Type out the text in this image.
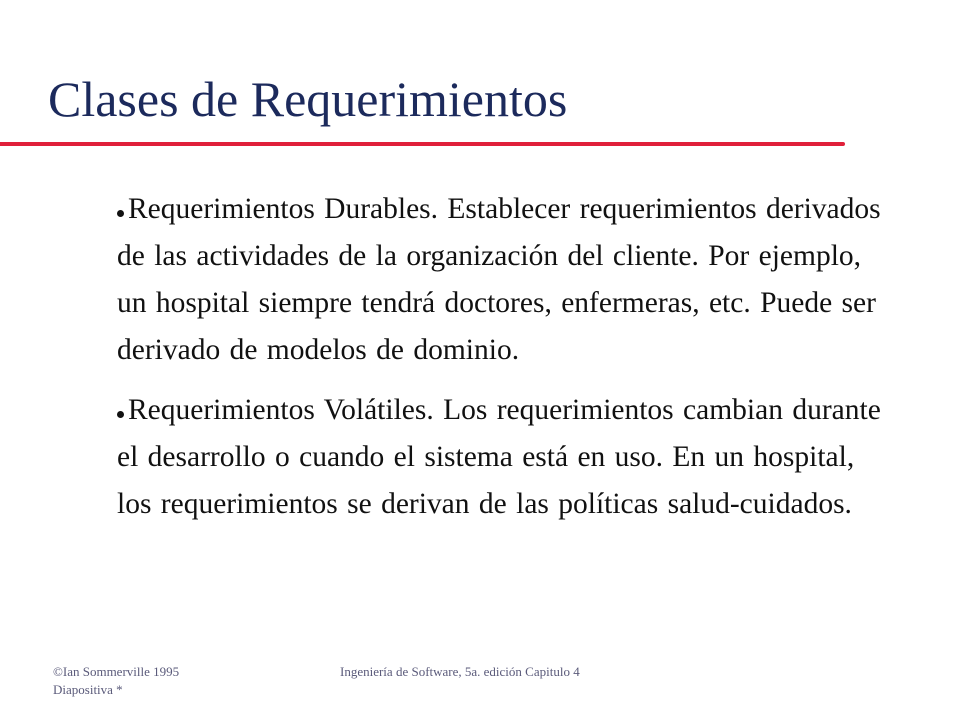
Clases de Requerimientos
Requerimientos Durables. Establecer requerimientos derivados de las actividades de la organización del cliente. Por ejemplo, un hospital siempre tendrá doctores, enfermeras, etc. Puede ser derivado de modelos de dominio.
Requerimientos Volátiles. Los requerimientos cambian durante el desarrollo o cuando el sistema está en uso. En un hospital, los requerimientos se derivan de las políticas salud-cuidados.
©Ian Sommerville 1995
Diapositiva *
Ingeniería de Software, 5a. edición Capitulo 4
